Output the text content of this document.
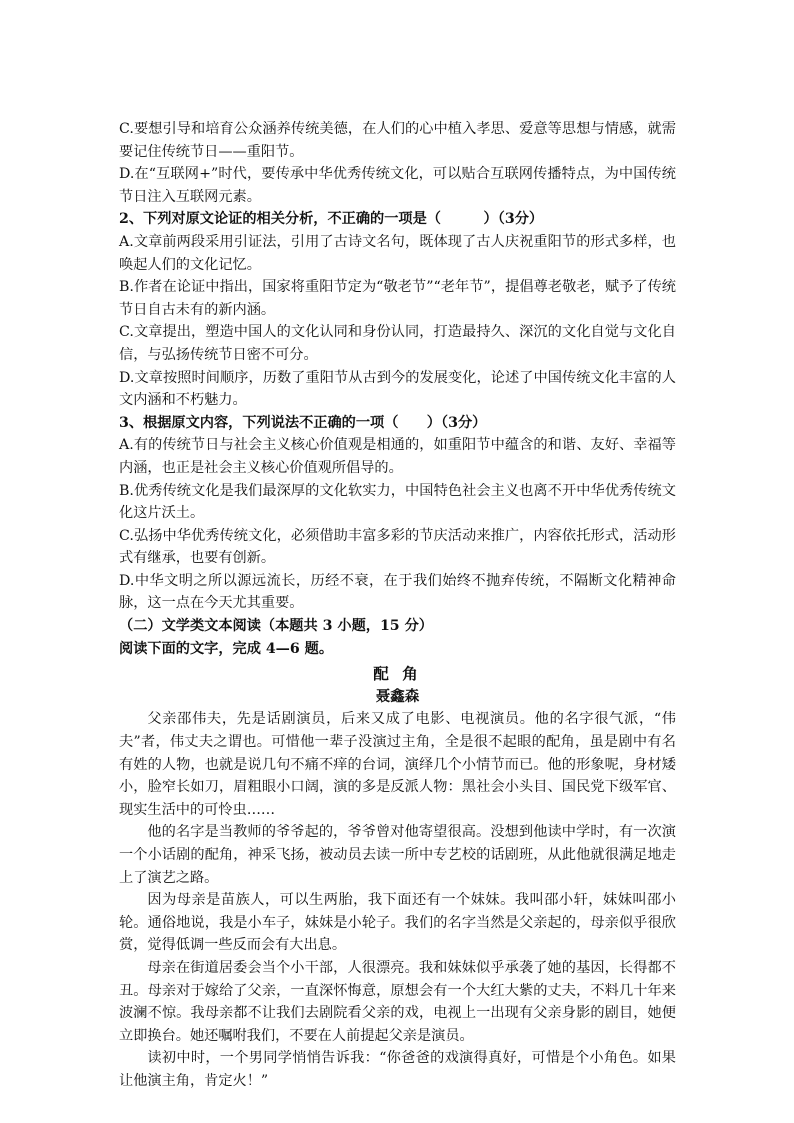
C.要想引导和培育公众涵养传统美德，在人们的心中植入孝思、爱意等思想与情感，就需要记住传统节日——重阳节。

D.在“互联网+”时代，要传承中华优秀传统文化，可以贴合互联网传播特点，为中国传统节日注入互联网元素。

2、下列对原文论证的相关分析，不正确的一项是（　　　）（3分）

A.文章前两段采用引证法，引用了古诗文名句，既体现了古人庆祝重阳节的形式多样，也唤起人们的文化记忆。

B.作者在论证中指出，国家将重阳节定为“敬老节”“老年节”，提倡尊老敬老，赋予了传统节日自古未有的新内涵。

C.文章提出，塑造中国人的文化认同和身份认同，打造最持久、深沉的文化自觉与文化自信，与弘扬传统节日密不可分。

D.文章按照时间顺序，历数了重阳节从古到今的发展变化，论述了中国传统文化丰富的人文内涵和不朽魅力。

3、根据原文内容，下列说法不正确的一项（　　）（3分）

A.有的传统节日与社会主义核心价值观是相通的，如重阳节中蕴含的和谐、友好、幸福等内涵，也正是社会主义核心价值观所倡导的。

B.优秀传统文化是我们最深厚的文化软实力，中国特色社会主义也离不开中华优秀传统文化这片沃土。

C.弘扬中华优秀传统文化，必须借助丰富多彩的节庆活动来推广，内容依托形式，活动形式有继承，也要有创新。

D.中华文明之所以源远流长，历经不衰，在于我们始终不抛弃传统，不隔断文化精神命脉，这一点在今天尤其重要。

（二）文学类文本阅读（本题共 3 小题，15 分）

阅读下面的文字，完成 4—6 题。

配 角

聂鑫森

父亲邵伟夫，先是话剧演员，后来又成了电影、电视演员。他的名字很气派，“伟夫”者，伟丈夫之谓也。可惜他一辈子没演过主角，全是很不起眼的配角，虽是剧中有名有姓的人物，也就是说几句不痛不痒的台词，演绎几个小情节而已。他的形象呢，身材矮小，脸窄长如刀，眉粗眼小口阔，演的多是反派人物：黑社会小头目、国民党下级军官、现实生活中的可怜虫……

他的名字是当教师的爷爷起的，爷爷曾对他寄望很高。没想到他读中学时，有一次演一个小话剧的配角，神采飞扬，被动员去读一所中专艺校的话剧班，从此他就很满足地走上了演艺之路。

因为母亲是苗族人，可以生两胎，我下面还有一个妹妹。我叫邵小轩，妹妹叫邵小轮。通俗地说，我是小车子，妹妹是小轮子。我们的名字当然是父亲起的，母亲似乎很欣赏，觉得低调一些反而会有大出息。

母亲在街道居委会当个小干部，人很漂亮。我和妹妹似乎承袭了她的基因，长得都不丑。母亲对于嫁给了父亲，一直深怀悔意，原想会有一个大红大紫的丈夫，不料几十年来波澜不惊。我母亲都不让我们去剧院看父亲的戏，电视上一出现有父亲身影的剧目，她便立即换台。她还嘱咐我们，不要在人前提起父亲是演员。

读初中时，一个男同学悄悄告诉我：“你爸爸的戏演得真好，可惜是个小角色。如果让他演主角，肯定火！”
